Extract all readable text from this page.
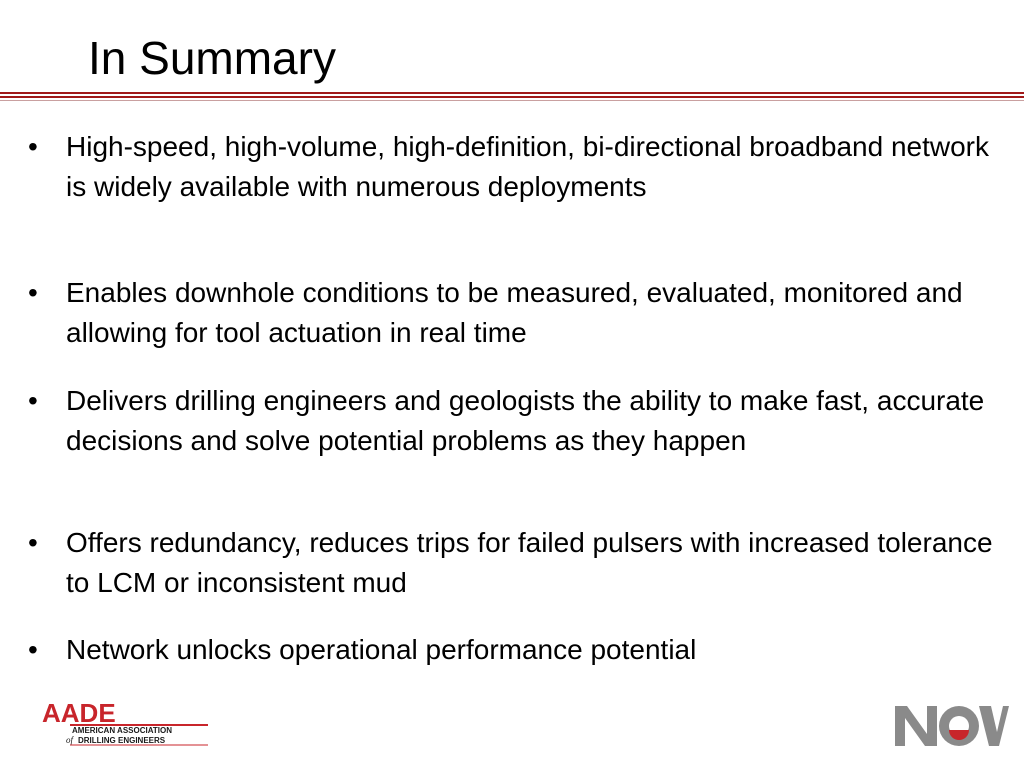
In Summary
• High-speed, high-volume, high-definition, bi-directional broadband network is widely available with numerous deployments
• Enables downhole conditions to be measured, evaluated, monitored and allowing for tool actuation in real time
• Delivers drilling engineers and geologists the ability to make fast, accurate decisions and solve potential problems as they happen
• Offers redundancy, reduces trips for failed pulsers with increased tolerance to LCM or inconsistent mud
• Network unlocks operational performance potential
AADE
AMERICAN ASSOCIATION
of DRILLING ENGINEERS
